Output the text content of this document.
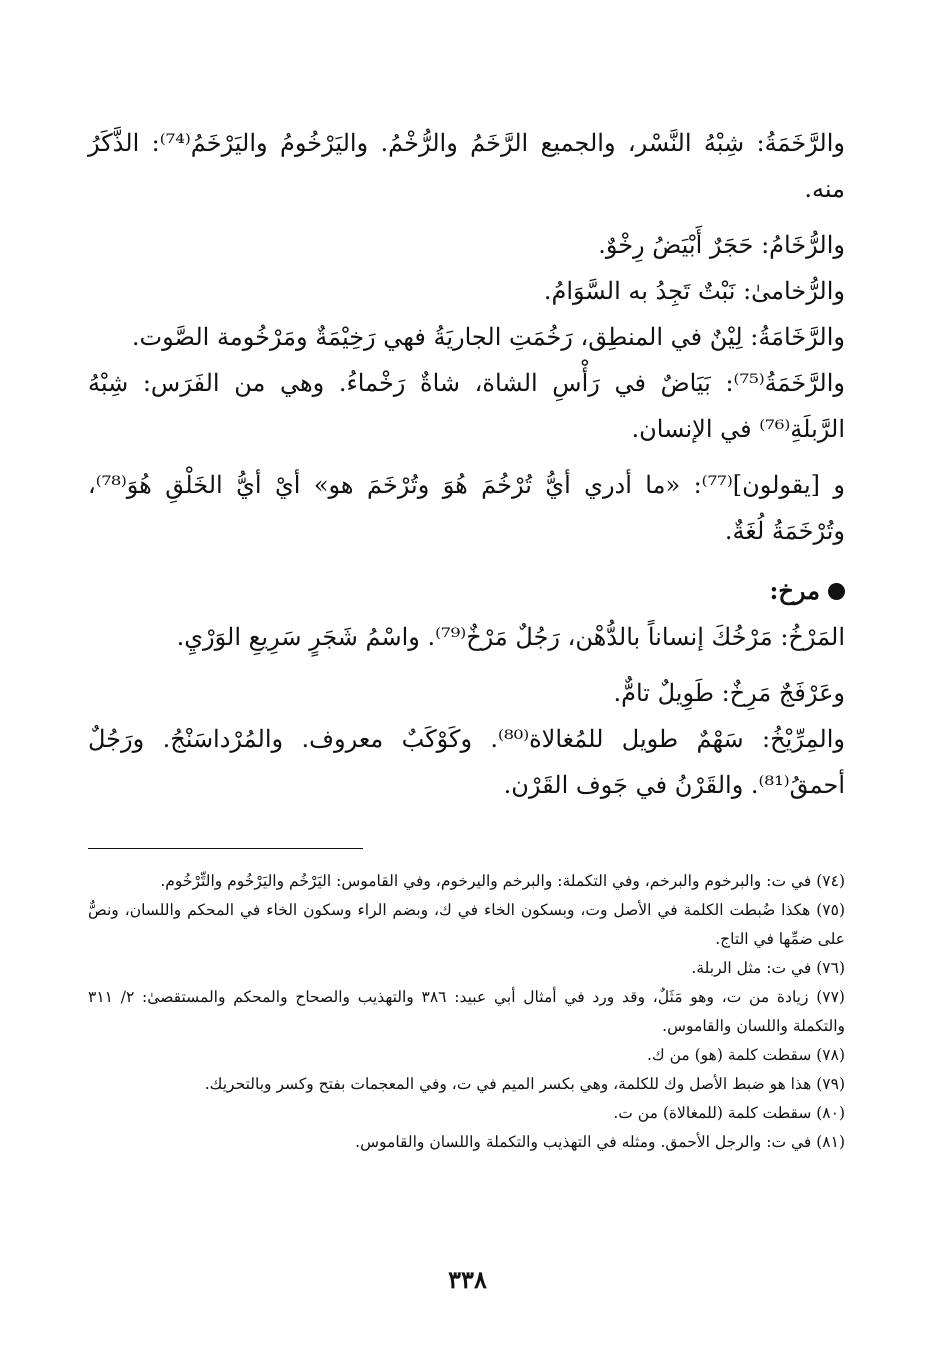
والرَّخَمَةُ: شِبْهُ النَّسْر، والجميع الرَّخَمُ والرُّخْمُ. واليَرْخُومُ واليَرْخَمُ⁽⁷⁴⁾: الذَّكَرُ منه.

والرُّخَامُ: حَجَرٌ أَبْيَضُ رِخْوٌ.

والرُّخامىٰ: نَبْتٌ تَجِدُ به السَّوَامُ.

والرَّخَامَةُ: لِيْنٌ في المنطِق، رَخُمَتِ الجاريَةُ فهي رَخِيْمَةٌ ومَرْخُومة الصَّوت.

والرَّخَمَةُ⁽⁷⁵⁾: بَيَاضٌ في رَأْسِ الشاة، شاةٌ رَخْماءُ. وهي من الفَرَس: شِبْهُ الرَّبلَةِ⁽⁷⁶⁾ في الإنسان.

و [يقولون]⁽⁷⁷⁾: «ما أدري أيُّ تُرْخُمَ هُوَ وتُرْخَمَ هو» أيْ أيُّ الخَلْقِ هُوَ⁽⁷⁸⁾، وتُرْخَمَةُ لُغَةٌ.

مرخ:

المَرْخُ: مَرْخُكَ إنساناً بالدُّهْن، رَجُلٌ مَرْخٌ⁽⁷⁹⁾. واسْمُ شَجَرٍ سَرِيعِ الوَرْيِ.

وعَرْفَجٌ مَرِخٌ: طَوِيلٌ تامٌّ.

والمِرِّيْخُ: سَهْمٌ طويل للمُغالاة⁽⁸⁰⁾. وكَوْكَبٌ معروف. والمُرْداسَنْجُ. ورَجُلٌ أحمقُ⁽⁸¹⁾. والقَرْنُ في جَوف القَرْن.

(٧٤) في ت: والبرخوم والبرخم، وفي التكملة: والبرخم واليرخوم، وفي القاموس: اليَرْخُم واليَرْخُوم والتِّرْخُوم.

(٧٥) هكذا ضُبطت الكلمة في الأصل وت، وبسكون الخاء في ك، وبضم الراء وسكون الخاء في المحكم واللسان، ونصٌّ على ضمِّها في التاج.

(٧٦) في ت: مثل الربلة.

(٧٧) زيادة من ت، وهو مَثَلٌ، وقد ورد في أمثال أبي عبيد: ٣٨٦ والتهذيب والصحاح والمحكم والمستقصىٰ: ٢/ ٣١١ والتكملة واللسان والقاموس.

(٧٨) سقطت كلمة (هو) من ك.

(٧٩) هذا هو ضبط الأصل وك للكلمة، وهي بكسر الميم في ت، وفي المعجمات بفتح وكسر وبالتحريك.

(٨٠) سقطت كلمة (للمغالاة) من ت.

(٨١) في ت: والرجل الأحمق. ومثله في التهذيب والتكملة واللسان والقاموس.

٣٣٨
